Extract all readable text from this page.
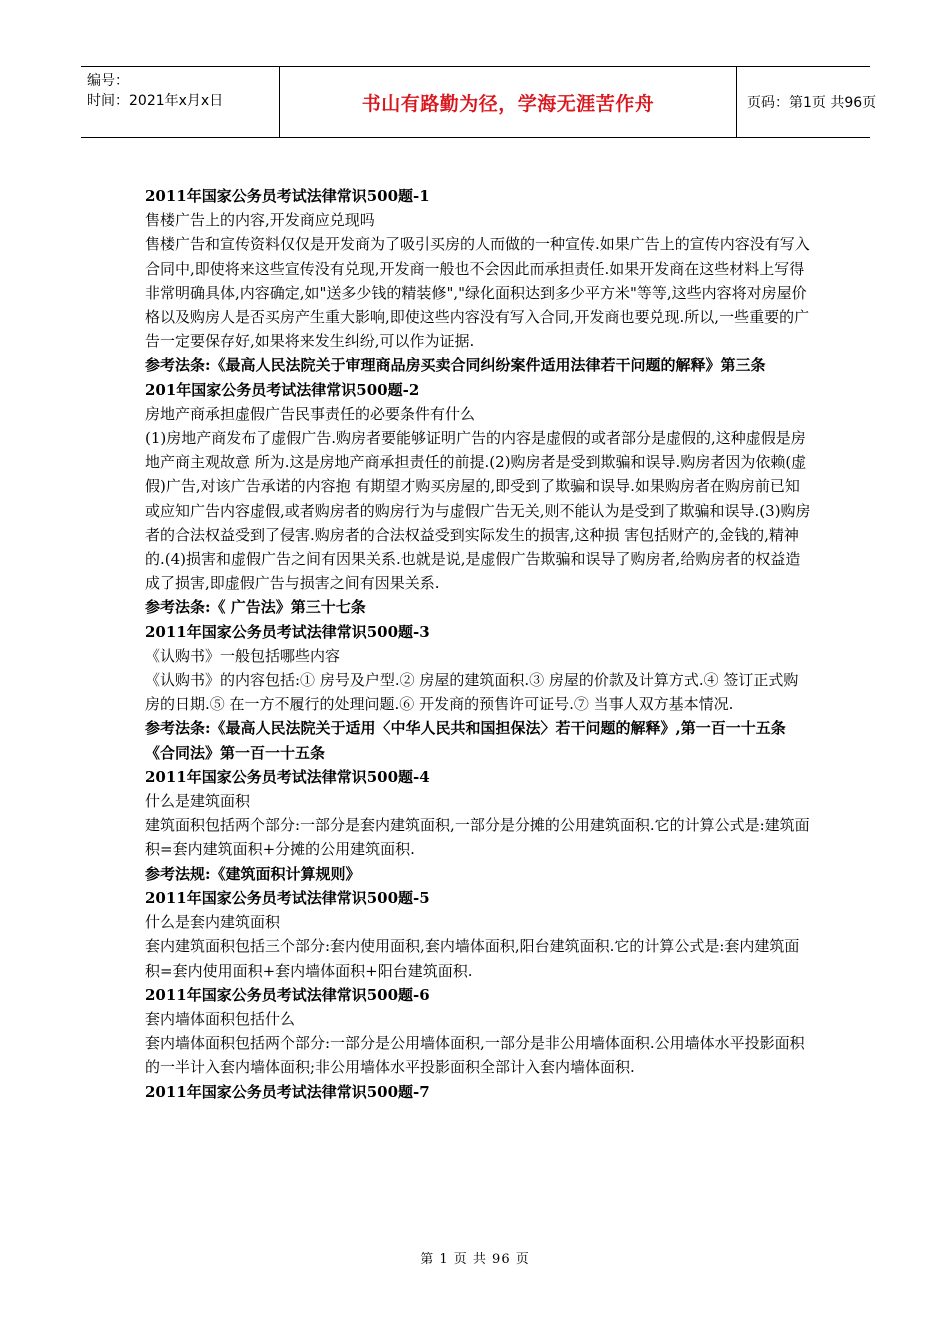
编号：
时间：2021年x月x日	书山有路勤为径，学海无涯苦作舟	页码：第1页 共96页

2011年国家公务员考试法律常识500题-1

售楼广告上的内容,开发商应兑现吗

售楼广告和宣传资料仅仅是开发商为了吸引买房的人而做的一种宣传.如果广告上的宣传内容没有写入合同中,即使将来这些宣传没有兑现,开发商一般也不会因此而承担责任.如果开发商在这些材料上写得非常明确具体,内容确定,如"送多少钱的精装修","绿化面积达到多少平方米"等等,这些内容将对房屋价格以及购房人是否买房产生重大影响,即使这些内容没有写入合同,开发商也要兑现.所以,一些重要的广告一定要保存好,如果将来发生纠纷,可以作为证据.

参考法条:《最高人民法院关于审理商品房买卖合同纠纷案件适用法律若干问题的解释》第三条

201年国家公务员考试法律常识500题-2

房地产商承担虚假广告民事责任的必要条件有什么

(1)房地产商发布了虚假广告.购房者要能够证明广告的内容是虚假的或者部分是虚假的,这种虚假是房地产商主观故意 所为.这是房地产商承担责任的前提.(2)购房者是受到欺骗和误导.购房者因为依赖(虚假)广告,对该广告承诺的内容抱 有期望才购买房屋的,即受到了欺骗和误导.如果购房者在购房前已知或应知广告内容虚假,或者购房者的购房行为与虚假广告无关,则不能认为是受到了欺骗和误导.(3)购房者的合法权益受到了侵害.购房者的合法权益受到实际发生的损害,这种损 害包括财产的,金钱的,精神的.(4)损害和虚假广告之间有因果关系.也就是说,是虚假广告欺骗和误导了购房者,给购房者的权益造成了损害,即虚假广告与损害之间有因果关系.

参考法条:《 广告法》第三十七条

2011年国家公务员考试法律常识500题-3

《认购书》一般包括哪些内容

《认购书》的内容包括:① 房号及户型.② 房屋的建筑面积.③ 房屋的价款及计算方式.④ 签订正式购房的日期.⑤ 在一方不履行的处理问题.⑥ 开发商的预售许可证号.⑦ 当事人双方基本情况.

参考法条:《最高人民法院关于适用〈中华人民共和国担保法〉若干问题的解释》,第一百一十五条 《合同法》第一百一十五条

2011年国家公务员考试法律常识500题-4

什么是建筑面积

建筑面积包括两个部分:一部分是套内建筑面积,一部分是分摊的公用建筑面积.它的计算公式是:建筑面积=套内建筑面积+分摊的公用建筑面积.

参考法规:《建筑面积计算规则》

2011年国家公务员考试法律常识500题-5

什么是套内建筑面积

套内建筑面积包括三个部分:套内使用面积,套内墙体面积,阳台建筑面积.它的计算公式是:套内建筑面积=套内使用面积+套内墙体面积+阳台建筑面积.

2011年国家公务员考试法律常识500题-6

套内墙体面积包括什么

套内墙体面积包括两个部分:一部分是公用墙体面积,一部分是非公用墙体面积.公用墙体水平投影面积的一半计入套内墙体面积;非公用墙体水平投影面积全部计入套内墙体面积.

2011年国家公务员考试法律常识500题-7

第 1 页 共 96 页
